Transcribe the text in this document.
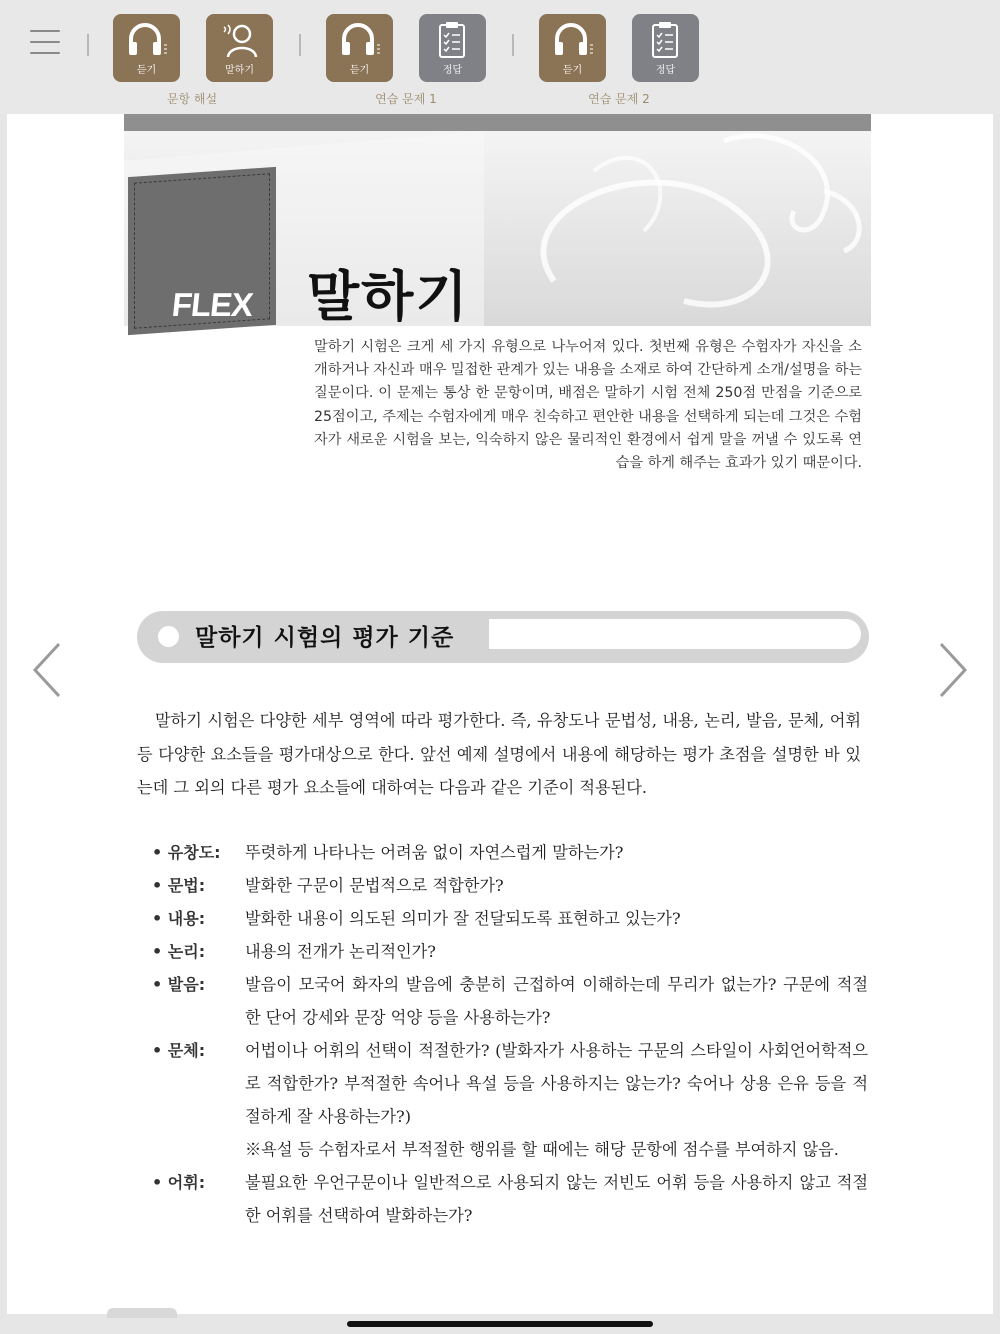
듣기	말하기
문항 해설
듣기	정답
연습 문제 1
듣기	정답
연습 문제 2
FLEX 말하기
말하기 시험은 크게 세 가지 유형으로 나누어져 있다. 첫번째 유형은 수험자가 자신을 소개하거나 자신과 매우 밀접한 관계가 있는 내용을 소재로 하여 간단하게 소개/설명을 하는 질문이다. 이 문제는 통상 한 문항이며, 배점은 말하기 시험 전체 250점 만점을 기준으로 25점이고, 주제는 수험자에게 매우 친숙하고 편안한 내용을 선택하게 되는데 그것은 수험자가 새로운 시험을 보는, 익숙하지 않은 물리적인 환경에서 쉽게 말을 꺼낼 수 있도록 연습을 하게 해주는 효과가 있기 때문이다.
말하기 시험의 평가 기준
말하기 시험은 다양한 세부 영역에 따라 평가한다. 즉, 유창도나 문법성, 내용, 논리, 발음, 문체, 어휘 등 다양한 요소들을 평가대상으로 한다. 앞선 예제 설명에서 내용에 해당하는 평가 초점을 설명한 바 있는데 그 외의 다른 평가 요소들에 대하여는 다음과 같은 기준이 적용된다.
• 유창도:	뚜렷하게 나타나는 어려움 없이 자연스럽게 말하는가?
• 문법:	발화한 구문이 문법적으로 적합한가?
• 내용:	발화한 내용이 의도된 의미가 잘 전달되도록 표현하고 있는가?
• 논리:	내용의 전개가 논리적인가?
• 발음:	발음이 모국어 화자의 발음에 충분히 근접하여 이해하는데 무리가 없는가? 구문에 적절한 단어 강세와 문장 억양 등을 사용하는가?
• 문체:	어법이나 어휘의 선택이 적절한가? (발화자가 사용하는 구문의 스타일이 사회언어학적으로 적합한가? 부적절한 속어나 욕설 등을 사용하지는 않는가? 숙어나 상용 은유 등을 적절하게 잘 사용하는가?)
※욕설 등 수험자로서 부적절한 행위를 할 때에는 해당 문항에 점수를 부여하지 않음.
• 어휘:	불필요한 우언구문이나 일반적으로 사용되지 않는 저빈도 어휘 등을 사용하지 않고 적절한 어휘를 선택하여 발화하는가?
